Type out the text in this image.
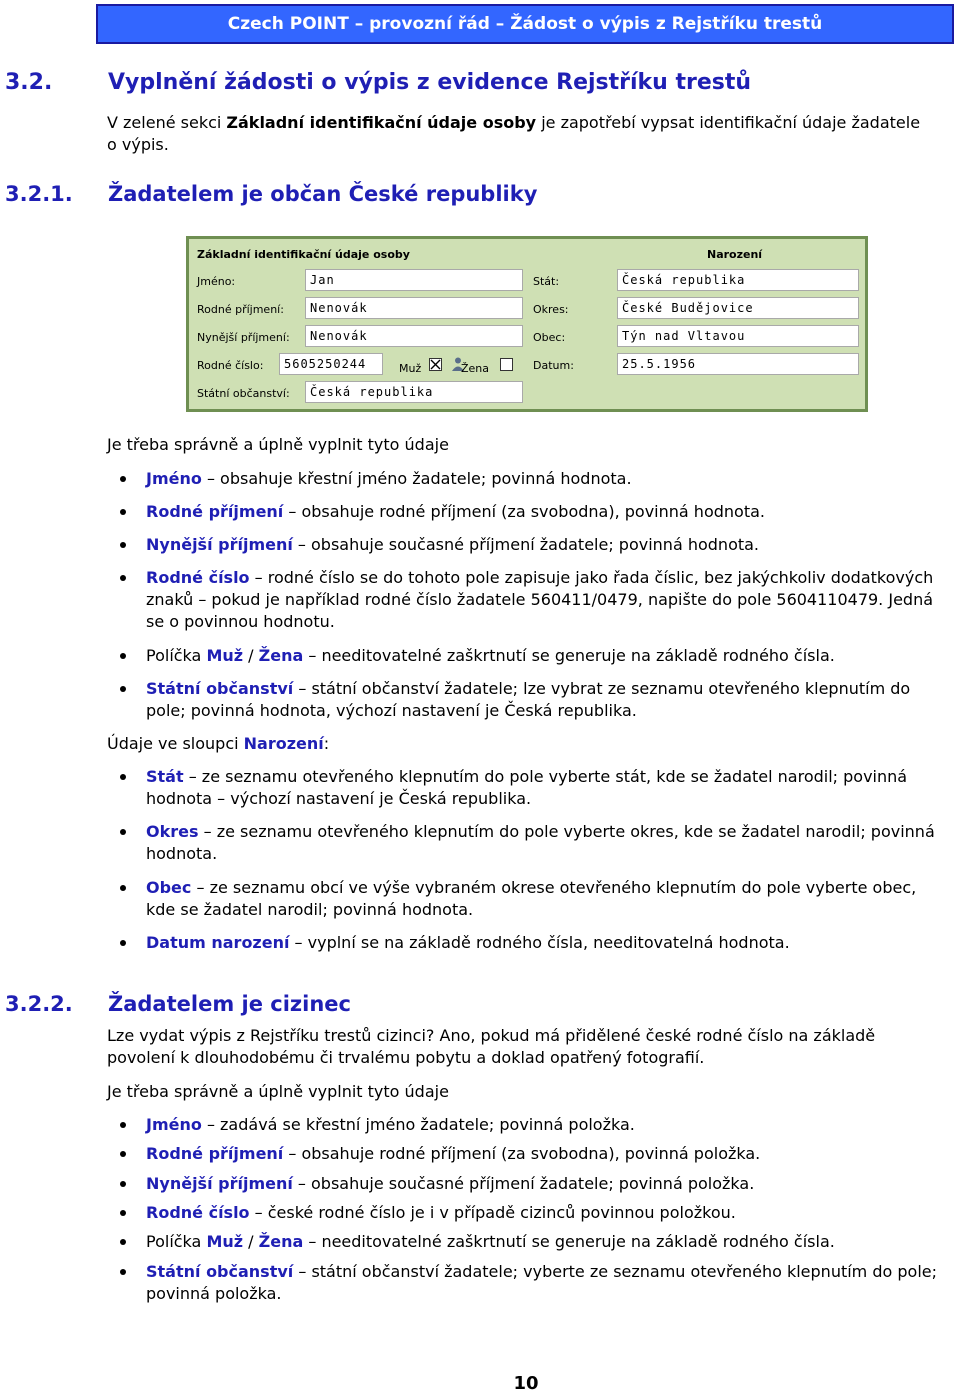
Czech POINT – provozní řád – Žádost o výpis z Rejstříku trestů
3.2.	Vyplnění žádosti o výpis z evidence Rejstříku trestů
V zelené sekci Základní identifikační údaje osoby je zapotřebí vypsat identifikační údaje žadatele o výpis.
3.2.1. Žadatelem je občan České republiky
Základní identifikační údaje osoby	Narození
Jméno:	Jan
Rodné příjmení:	Nenovák
Nynější příjmení:	Nenovák
Rodné číslo:	5605250244	Muž	Žena
Státní občanství:	Česká republika
Stát:	Česká republika
Okres:	České Budějovice
Obec:	Týn nad Vltavou
Datum:	25.5.1956
Je třeba správně a úplně vyplnit tyto údaje
Jméno – obsahuje křestní jméno žadatele; povinná hodnota.
Rodné příjmení – obsahuje rodné příjmení (za svobodna), povinná hodnota.
Nynější příjmení – obsahuje současné příjmení žadatele; povinná hodnota.
Rodné číslo – rodné číslo se do tohoto pole zapisuje jako řada číslic, bez jakýchkoliv dodatkových znaků – pokud je například rodné číslo žadatele 560411/0479, napište do pole 5604110479. Jedná se o povinnou hodnotu.
Políčka Muž / Žena – needitovatelné zaškrtnutí se generuje na základě rodného čísla.
Státní občanství – státní občanství žadatele; lze vybrat ze seznamu otevřeného klepnutím do pole; povinná hodnota, výchozí nastavení je Česká republika.
Údaje ve sloupci Narození:
Stát – ze seznamu otevřeného klepnutím do pole vyberte stát, kde se žadatel narodil; povinná hodnota – výchozí nastavení je Česká republika.
Okres – ze seznamu otevřeného klepnutím do pole vyberte okres, kde se žadatel narodil; povinná hodnota.
Obec – ze seznamu obcí ve výše vybraném okrese otevřeného klepnutím do pole vyberte obec, kde se žadatel narodil; povinná hodnota.
Datum narození – vyplní se na základě rodného čísla, needitovatelná hodnota.
3.2.2. Žadatelem je cizinec
Lze vydat výpis z Rejstříku trestů cizinci? Ano, pokud má přidělené české rodné číslo na základě povolení k dlouhodobému či trvalému pobytu a doklad opatřený fotografií.
Je třeba správně a úplně vyplnit tyto údaje
Jméno – zadává se křestní jméno žadatele; povinná položka.
Rodné příjmení – obsahuje rodné příjmení (za svobodna), povinná položka.
Nynější příjmení – obsahuje současné příjmení žadatele; povinná položka.
Rodné číslo – české rodné číslo je i v případě cizinců povinnou položkou.
Políčka Muž / Žena – needitovatelné zaškrtnutí se generuje na základě rodného čísla.
Státní občanství – státní občanství žadatele; vyberte ze seznamu otevřeného klepnutím do pole; povinná položka.
10
